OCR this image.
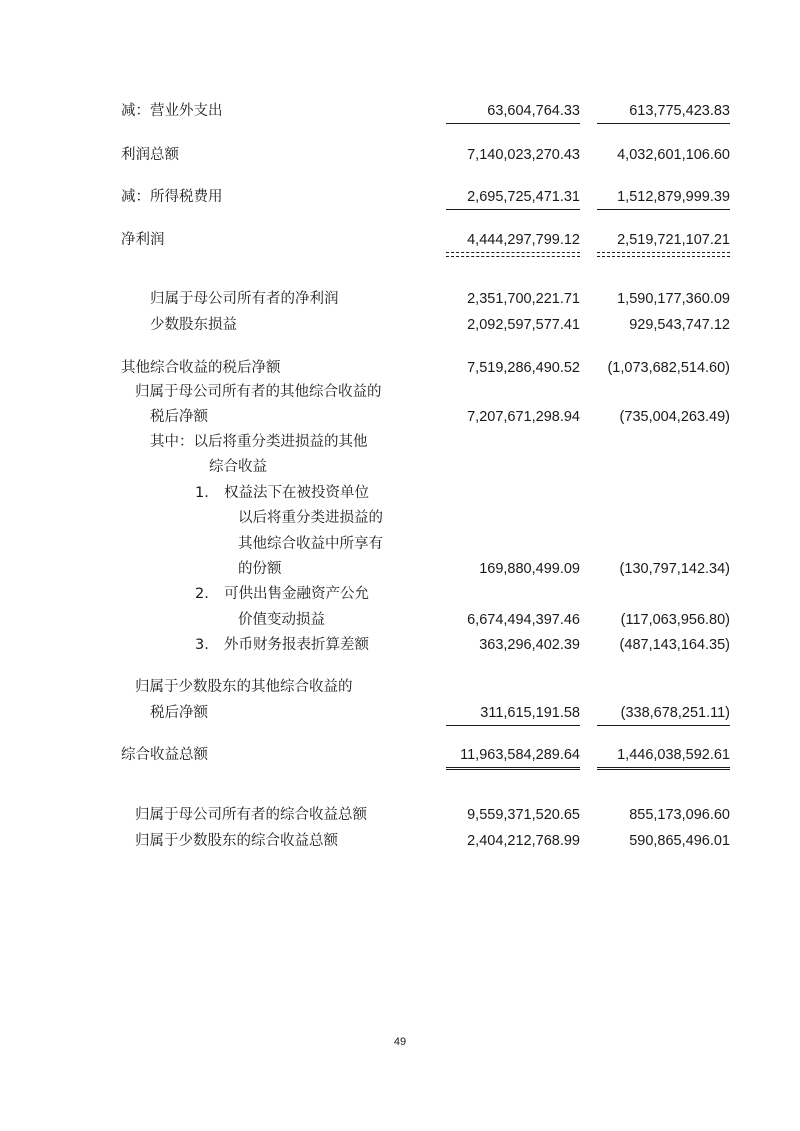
减：营业外支出	63,604,764.33	613,775,423.83
利润总额	7,140,023,270.43	4,032,601,106.60
减：所得税费用	2,695,725,471.31	1,512,879,999.39
净利润	4,444,297,799.12	2,519,721,107.21
归属于母公司所有者的净利润	2,351,700,221.71	1,590,177,360.09
少数股东损益	2,092,597,577.41	929,543,747.12
其他综合收益的税后净额	7,519,286,490.52	(1,073,682,514.60)
归属于母公司所有者的其他综合收益的
税后净额	7,207,671,298.94	(735,004,263.49)
其中：以后将重分类进损益的其他
综合收益
1. 权益法下在被投资单位
以后将重分类进损益的
其他综合收益中所享有
的份额	169,880,499.09	(130,797,142.34)
2. 可供出售金融资产公允
价值变动损益	6,674,494,397.46	(117,063,956.80)
3. 外币财务报表折算差额	363,296,402.39	(487,143,164.35)
归属于少数股东的其他综合收益的
税后净额	311,615,191.58	(338,678,251.11)
综合收益总额	11,963,584,289.64	1,446,038,592.61
归属于母公司所有者的综合收益总额	9,559,371,520.65	855,173,096.60
归属于少数股东的综合收益总额	2,404,212,768.99	590,865,496.01
49
